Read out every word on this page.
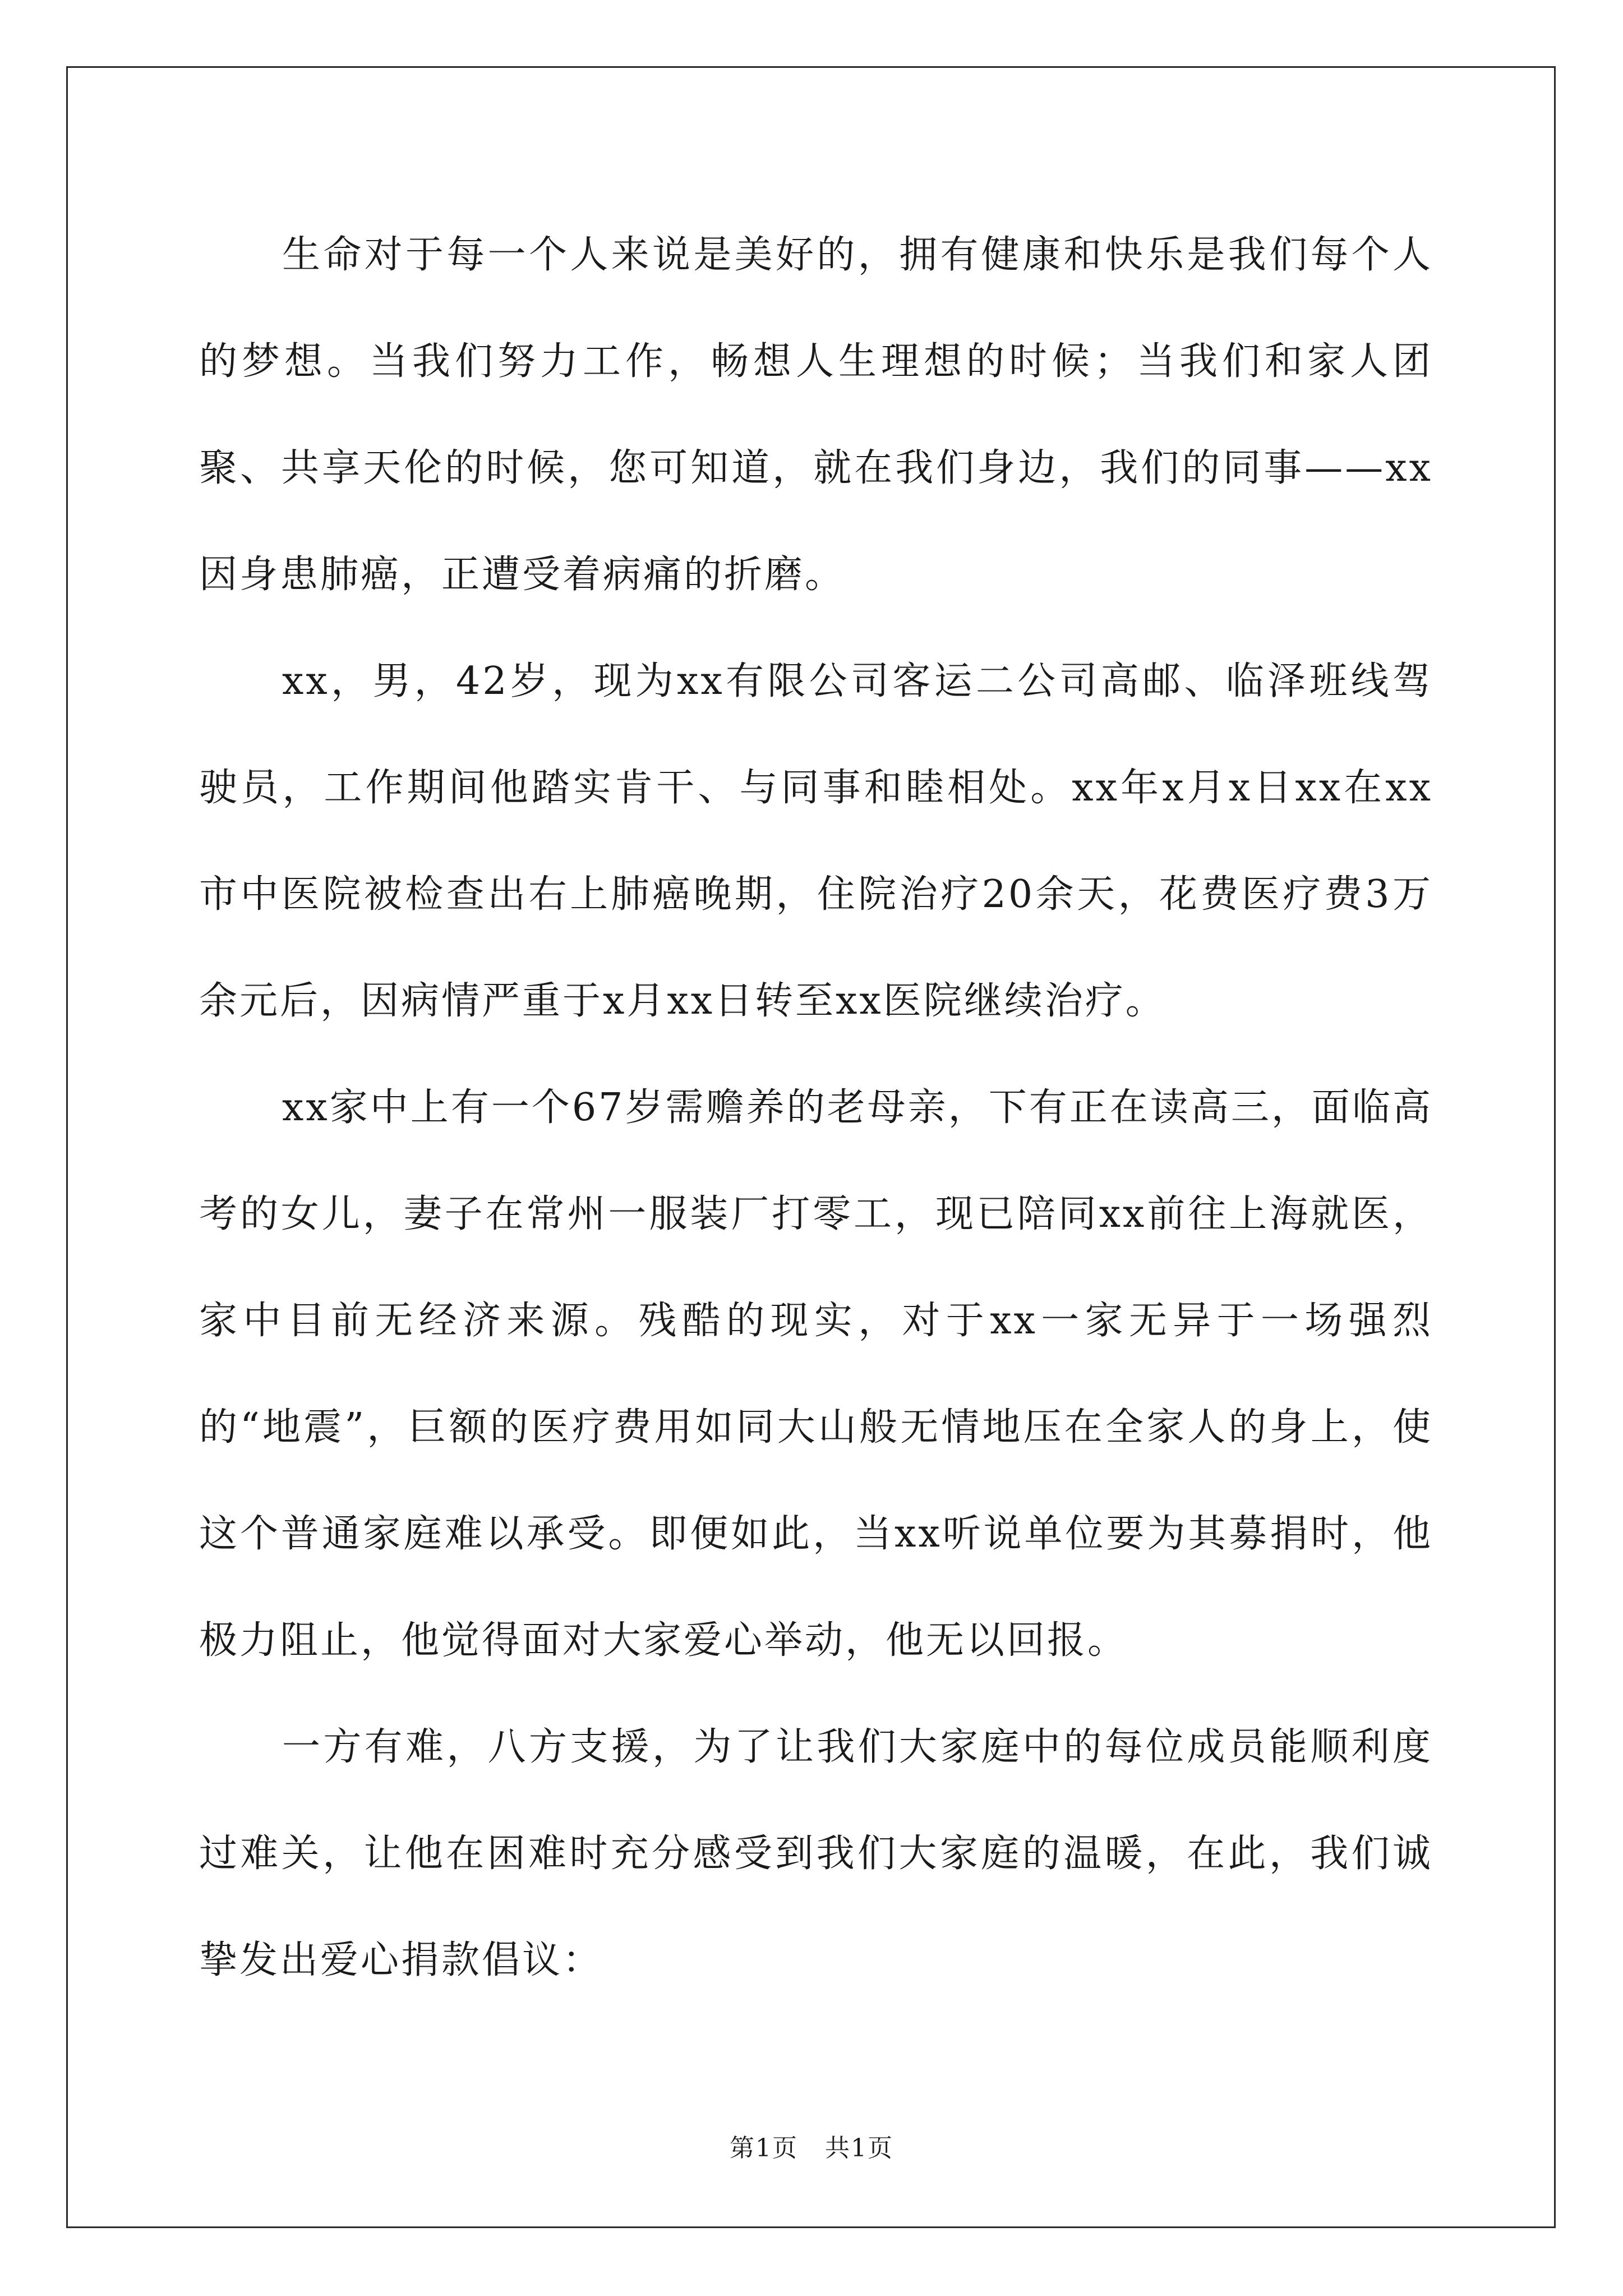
生命对于每一个人来说是美好的，拥有健康和快乐是我们每个人的梦想。当我们努力工作，畅想人生理想的时候；当我们和家人团聚、共享天伦的时候，您可知道，就在我们身边，我们的同事——xx因身患肺癌，正遭受着病痛的折磨。

xx，男，42岁，现为xx有限公司客运二公司高邮、临泽班线驾驶员，工作期间他踏实肯干、与同事和睦相处。xx年x月x日xx在xx市中医院被检查出右上肺癌晚期，住院治疗20余天，花费医疗费3万余元后，因病情严重于x月xx日转至xx医院继续治疗。

xx家中上有一个67岁需赡养的老母亲，下有正在读高三，面临高考的女儿，妻子在常州一服装厂打零工，现已陪同xx前往上海就医，家中目前无经济来源。残酷的现实，对于xx一家无异于一场强烈的“地震”，巨额的医疗费用如同大山般无情地压在全家人的身上，使这个普通家庭难以承受。即便如此，当xx听说单位要为其募捐时，他极力阻止，他觉得面对大家爱心举动，他无以回报。

一方有难，八方支援，为了让我们大家庭中的每位成员能顺利度过难关，让他在困难时充分感受到我们大家庭的温暖，在此，我们诚挚发出爱心捐款倡议：

第1页 共1页
